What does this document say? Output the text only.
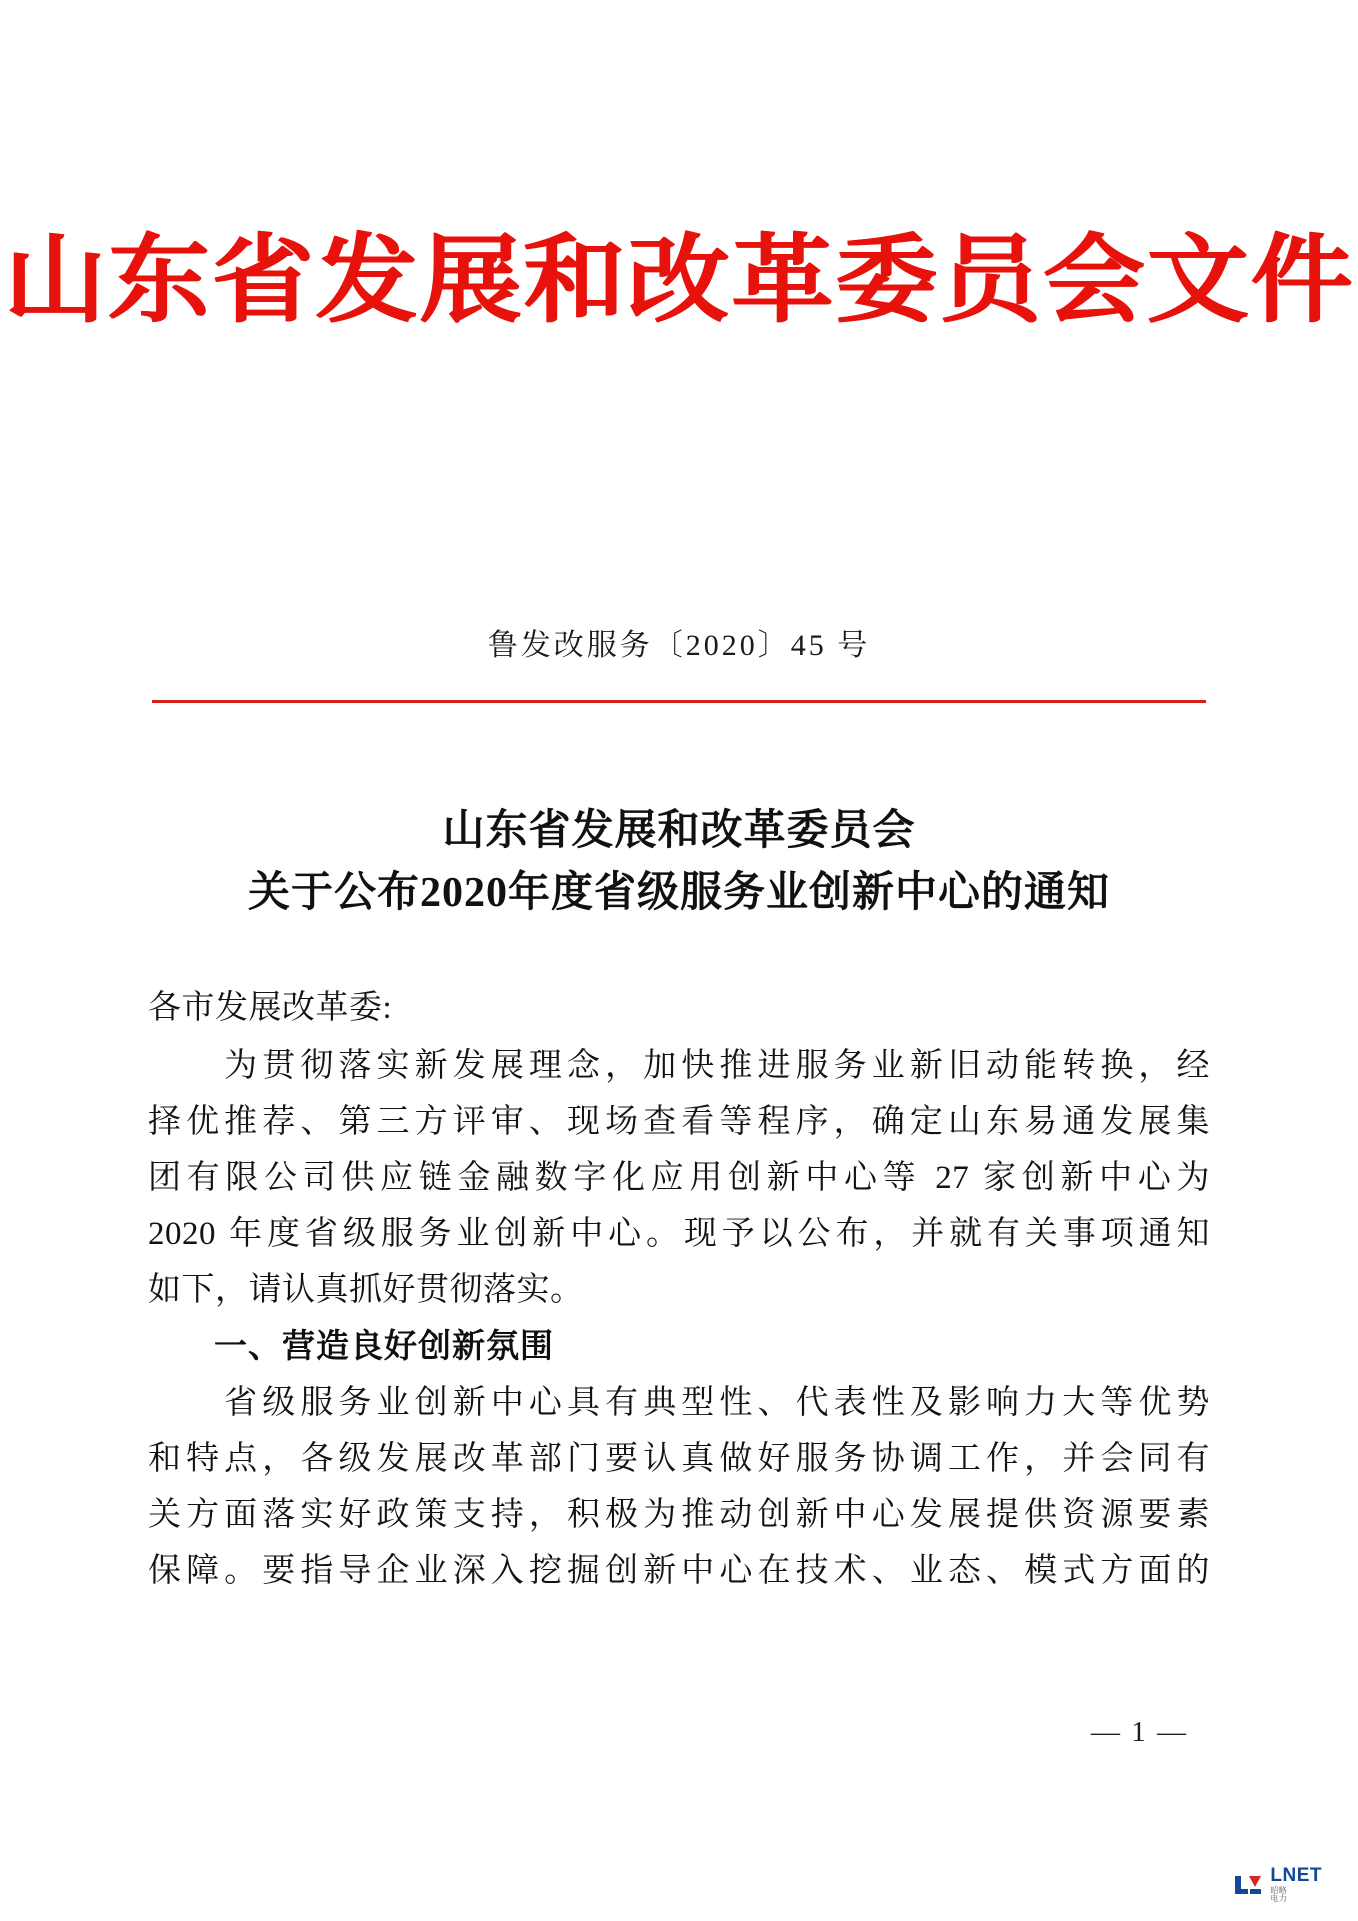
山东省发展和改革委员会文件
鲁发改服务〔2020〕45 号
山东省发展和改革委员会
关于公布2020年度省级服务业创新中心的通知
各市发展改革委:
　　为贯彻落实新发展理念，加快推进服务业新旧动能转换，经
择优推荐、第三方评审、现场查看等程序，确定山东易通发展集
团有限公司供应链金融数字化应用创新中心等 27 家创新中心为
2020 年度省级服务业创新中心。现予以公布，并就有关事项通知
如下，请认真抓好贯彻落实。
一、营造良好创新氛围
　　省级服务业创新中心具有典型性、代表性及影响力大等优势
和特点，各级发展改革部门要认真做好服务协调工作，并会同有
关方面落实好政策支持，积极为推动创新中心发展提供资源要素
保障。要指导企业深入挖掘创新中心在技术、业态、模式方面的
— 1 —
LNET
昭略
电力
